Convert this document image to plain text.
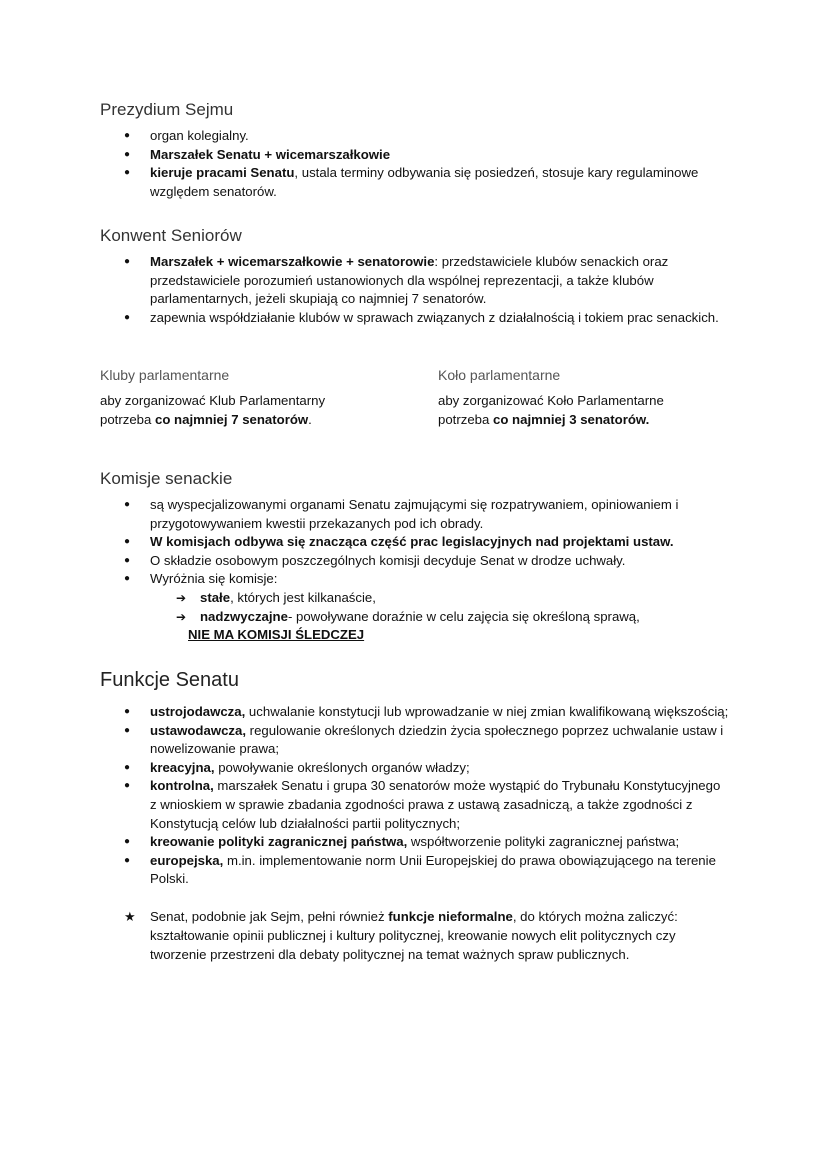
Prezydium Sejmu
● organ kolegialny.
● Marszałek Senatu + wicemarszałkowie
● kieruje pracami Senatu, ustala terminy odbywania się posiedzeń, stosuje kary regulaminowe względem senatorów.
Konwent Seniorów
● Marszałek + wicemarszałkowie + senatorowie: przedstawiciele klubów senackich oraz przedstawiciele porozumień ustanowionych dla wspólnej reprezentacji, a także klubów parlamentarnych, jeżeli skupiają co najmniej 7 senatorów.
● zapewnia współdziałanie klubów w sprawach związanych z działalnością i tokiem prac senackich.
Kluby parlamentarne

aby zorganizować Klub Parlamentarny
potrzeba co najmniej 7 senatorów.

Koło parlamentarne

aby zorganizować Koło Parlamentarne
potrzeba co najmniej 3 senatorów.

Komisje senackie
● są wyspecjalizowanymi organami Senatu zajmującymi się rozpatrywaniem, opiniowaniem i przygotowywaniem kwestii przekazanych pod ich obrady.
● W komisjach odbywa się znacząca część prac legislacyjnych nad projektami ustaw.
● O składzie osobowym poszczególnych komisji decyduje Senat w drodze uchwały.
● Wyróżnia się komisje:
➔ stałe, których jest kilkanaście,
➔ nadzwyczajne- powoływane doraźnie w celu zajęcia się określoną sprawą,
NIE MA KOMISJI ŚLEDCZEJ
Funkcje Senatu
● ustrojodawcza, uchwalanie konstytucji lub wprowadzanie w niej zmian kwalifikowaną większością;
● ustawodawcza, regulowanie określonych dziedzin życia społecznego poprzez uchwalanie ustaw i nowelizowanie prawa;
● kreacyjna, powoływanie określonych organów władzy;
● kontrolna, marszałek Senatu i grupa 30 senatorów może wystąpić do Trybunału Konstytucyjnego z wnioskiem w sprawie zbadania zgodności prawa z ustawą zasadniczą, a także zgodności z Konstytucją celów lub działalności partii politycznych;
● kreowanie polityki zagranicznej państwa, współtworzenie polityki zagranicznej państwa;
● europejska, m.in. implementowanie norm Unii Europejskiej do prawa obowiązującego na terenie Polski.
★ Senat, podobnie jak Sejm, pełni również funkcje nieformalne, do których można zaliczyć: kształtowanie opinii publicznej i kultury politycznej, kreowanie nowych elit politycznych czy tworzenie przestrzeni dla debaty politycznej na temat ważnych spraw publicznych.
